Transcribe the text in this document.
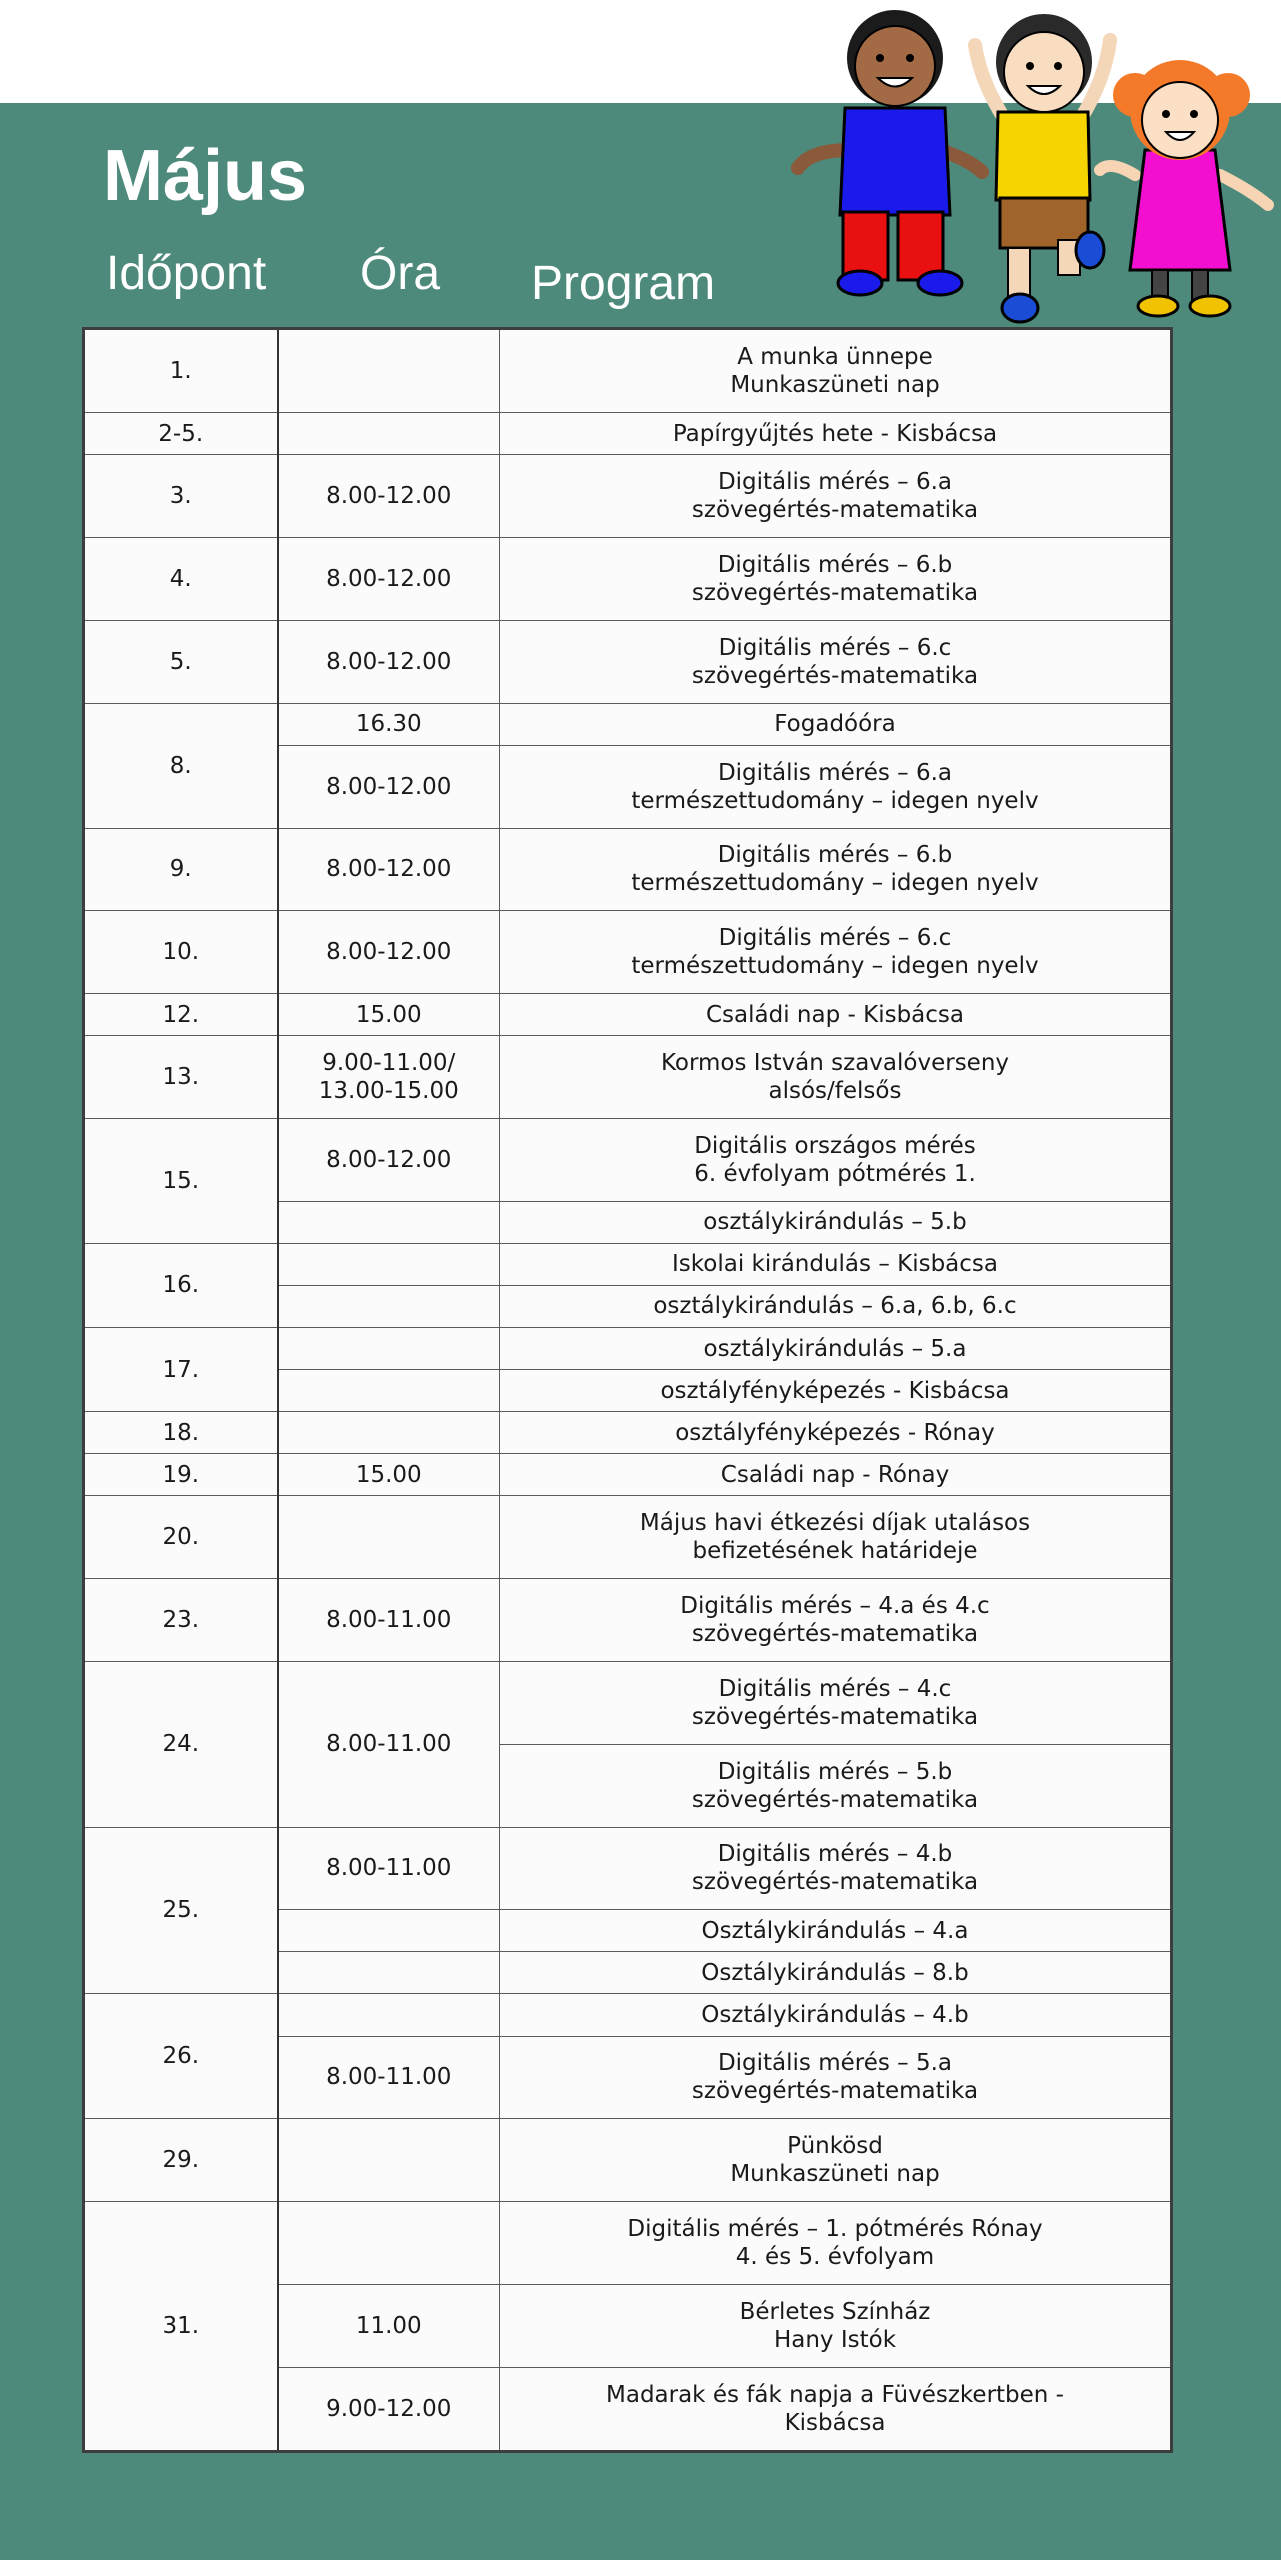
Május
Időpont Óra Program
1.		A munka ünnepe
Munkaszüneti nap
2-5.		Papírgyűjtés hete - Kisbácsa
3.	8.00-12.00	Digitális mérés – 6.a
szövegértés-matematika
4.	8.00-12.00	Digitális mérés – 6.b
szövegértés-matematika
5.	8.00-12.00	Digitális mérés – 6.c
szövegértés-matematika
8.	16.30	Fogadóóra
	8.00-12.00	Digitális mérés – 6.a
természettudomány – idegen nyelv
9.	8.00-12.00	Digitális mérés – 6.b
természettudomány – idegen nyelv
10.	8.00-12.00	Digitális mérés – 6.c
természettudomány – idegen nyelv
12.	15.00	Családi nap - Kisbácsa
13.	9.00-11.00/
13.00-15.00	Kormos István szavalóverseny
alsós/felsős
15.	8.00-12.00	Digitális országos mérés
6. évfolyam pótmérés 1.
		osztálykirándulás – 5.b
16.		Iskolai kirándulás – Kisbácsa
		osztálykirándulás – 6.a, 6.b, 6.c
17.		osztálykirándulás – 5.a
		osztályfényképezés - Kisbácsa
18.		osztályfényképezés - Rónay
19.	15.00	Családi nap - Rónay
20.		Május havi étkezési díjak utalásos
befizetésének határideje
23.	8.00-11.00	Digitális mérés – 4.a és 4.c
szövegértés-matematika
24.	8.00-11.00	Digitális mérés – 4.c
szövegértés-matematika
		Digitális mérés – 5.b
szövegértés-matematika
25.	8.00-11.00	Digitális mérés – 4.b
szövegértés-matematika
		Osztálykirándulás – 4.a
		Osztálykirándulás – 8.b
26.		Osztálykirándulás – 4.b
	8.00-11.00	Digitális mérés – 5.a
szövegértés-matematika
29.		Pünkösd
Munkaszüneti nap
31.		Digitális mérés – 1. pótmérés Rónay
4. és 5. évfolyam
	11.00	Bérletes Színház
Hany Istók
	9.00-12.00	Madarak és fák napja a Füvészkertben -
Kisbácsa
